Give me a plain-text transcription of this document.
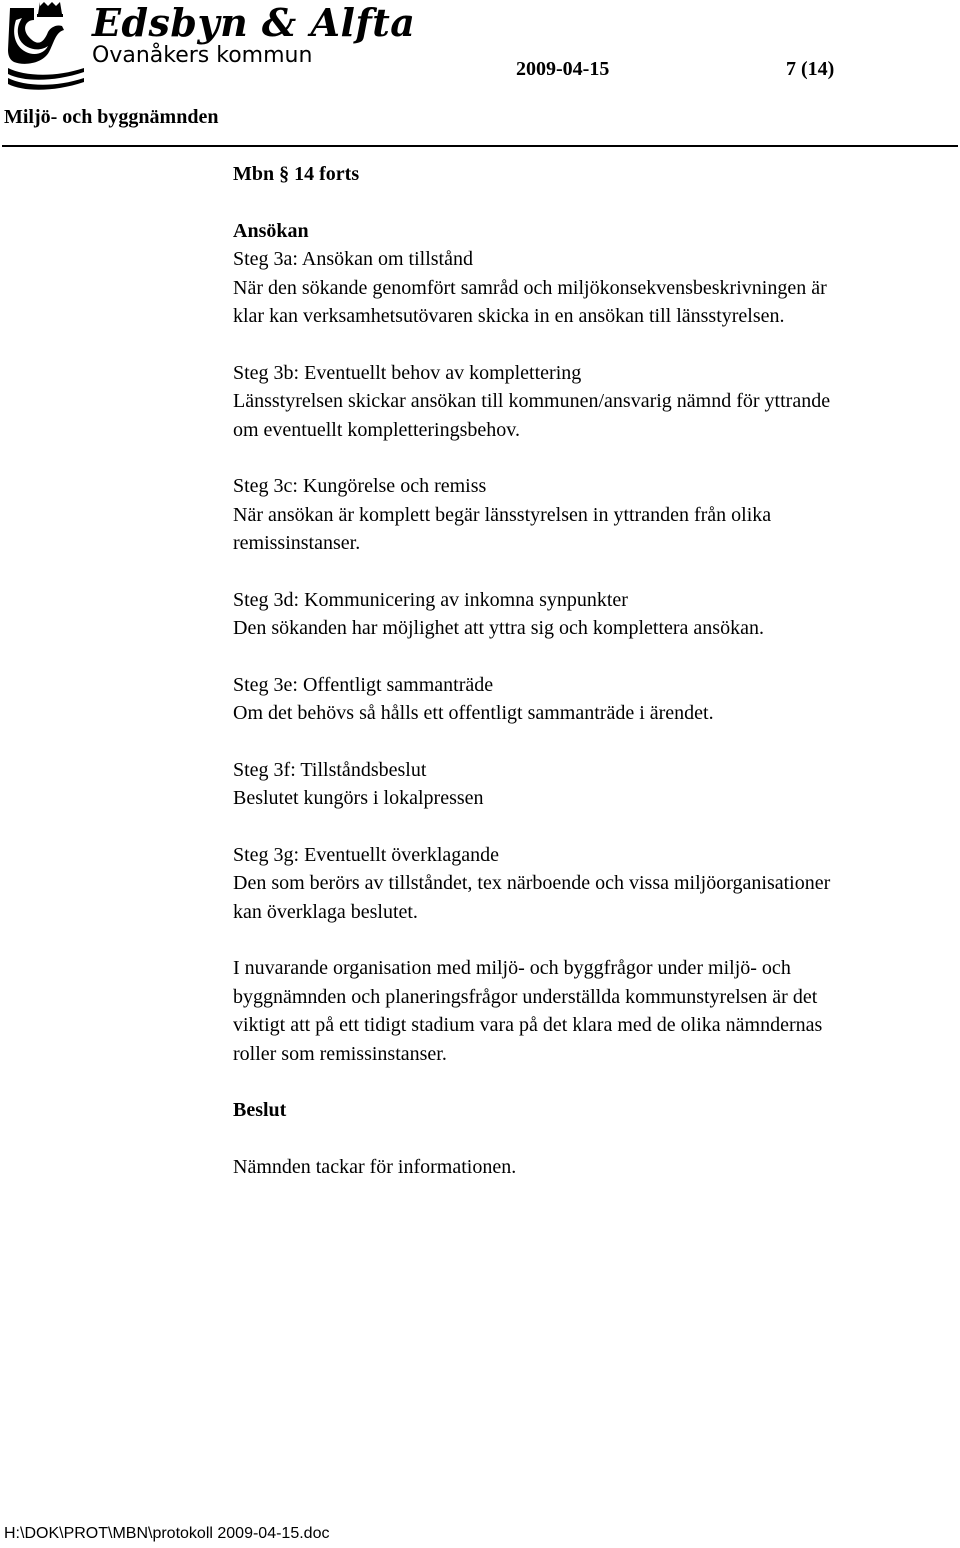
Edsbyn & Alfta
Ovanåkers kommun
2009-04-15	7 (14)
Miljö- och byggnämnden

Mbn § 14 forts

Ansökan

Steg 3a: Ansökan om tillstånd

När den sökande genomfört samråd och miljökonsekvensbeskrivningen är

klar kan verksamhetsutövaren skicka in en ansökan till länsstyrelsen.

Steg 3b: Eventuellt behov av komplettering

Länsstyrelsen skickar ansökan till kommunen/ansvarig nämnd för yttrande

om eventuellt kompletteringsbehov.

Steg 3c: Kungörelse och remiss

När ansökan är komplett begär länsstyrelsen in yttranden från olika

remissinstanser.

Steg 3d: Kommunicering av inkomna synpunkter

Den sökanden har möjlighet att yttra sig och komplettera ansökan.

Steg 3e: Offentligt sammanträde

Om det behövs så hålls ett offentligt sammanträde i ärendet.

Steg 3f: Tillståndsbeslut

Beslutet kungörs i lokalpressen

Steg 3g: Eventuellt överklagande

Den som berörs av tillståndet, tex närboende och vissa miljöorganisationer

kan överklaga beslutet.

I nuvarande organisation med miljö- och byggfrågor under miljö- och

byggnämnden och planeringsfrågor underställda kommunstyrelsen är det

viktigt att på ett tidigt stadium vara på det klara med de olika nämndernas

roller som remissinstanser.

Beslut

Nämnden tackar för informationen.

H:\DOK\PROT\MBN\protokoll 2009-04-15.doc
